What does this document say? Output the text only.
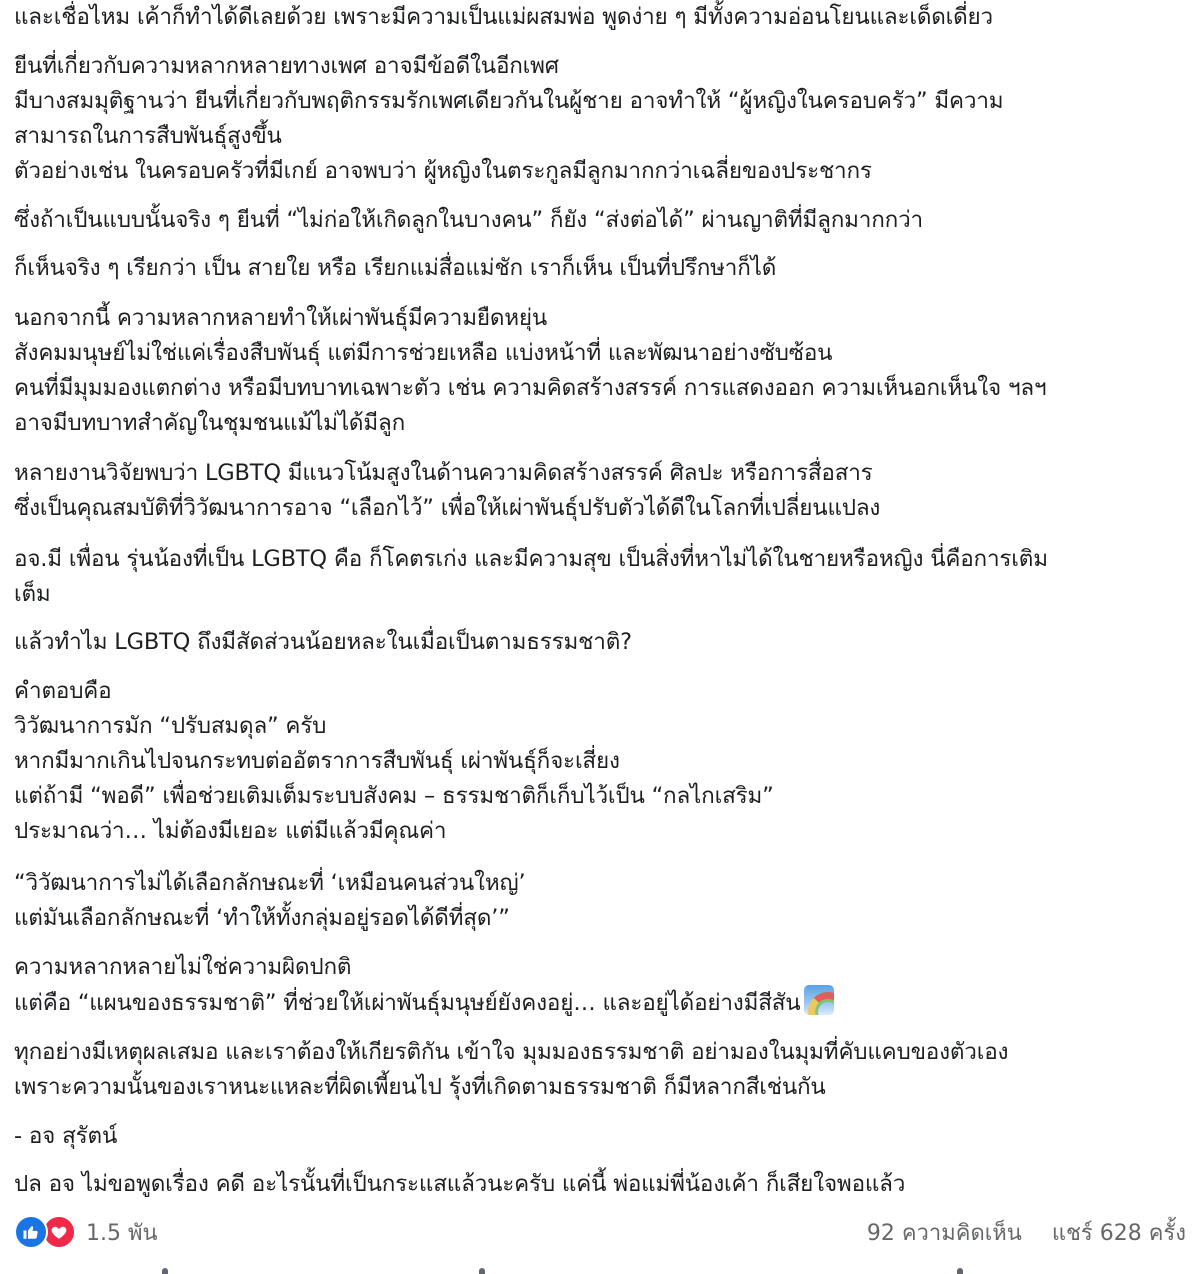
และเชื่อไหม เค้าก็ทำได้ดีเลยด้วย เพราะมีความเป็นแม่ผสมพ่อ พูดง่าย ๆ มีทั้งความอ่อนโยนและเด็ดเดี่ยว
ยีนที่เกี่ยวกับความหลากหลายทางเพศ อาจมีข้อดีในอีกเพศ
มีบางสมมุติฐานว่า ยีนที่เกี่ยวกับพฤติกรรมรักเพศเดียวกันในผู้ชาย อาจทำให้ “ผู้หญิงในครอบครัว” มีความ
สามารถในการสืบพันธุ์สูงขึ้น
ตัวอย่างเช่น ในครอบครัวที่มีเกย์ อาจพบว่า ผู้หญิงในตระกูลมีลูกมากกว่าเฉลี่ยของประชากร
ซึ่งถ้าเป็นแบบนั้นจริง ๆ ยีนที่ “ไม่ก่อให้เกิดลูกในบางคน” ก็ยัง “ส่งต่อได้” ผ่านญาติที่มีลูกมากกว่า
ก็เห็นจริง ๆ เรียกว่า เป็น สายใย หรือ เรียกแม่สื่อแม่ชัก เราก็เห็น เป็นที่ปรึกษาก็ได้
นอกจากนี้ ความหลากหลายทำให้เผ่าพันธุ์มีความยืดหยุ่น
สังคมมนุษย์ไม่ใช่แค่เรื่องสืบพันธุ์ แต่มีการช่วยเหลือ แบ่งหน้าที่ และพัฒนาอย่างซับซ้อน
คนที่มีมุมมองแตกต่าง หรือมีบทบาทเฉพาะตัว เช่น ความคิดสร้างสรรค์ การแสดงออก ความเห็นอกเห็นใจ ฯลฯ
อาจมีบทบาทสำคัญในชุมชนแม้ไม่ได้มีลูก
หลายงานวิจัยพบว่า LGBTQ มีแนวโน้มสูงในด้านความคิดสร้างสรรค์ ศิลปะ หรือการสื่อสาร
ซึ่งเป็นคุณสมบัติที่วิวัฒนาการอาจ “เลือกไว้” เพื่อให้เผ่าพันธุ์ปรับตัวได้ดีในโลกที่เปลี่ยนแปลง
อจ.มี เพื่อน รุ่นน้องที่เป็น LGBTQ คือ ก็โคตรเก่ง และมีความสุข เป็นสิ่งที่หาไม่ได้ในชายหรือหญิง นี่คือการเติม
เต็ม
แล้วทำไม LGBTQ ถึงมีสัดส่วนน้อยหละในเมื่อเป็นตามธรรมชาติ?
คำตอบคือ
วิวัฒนาการมัก “ปรับสมดุล” ครับ
หากมีมากเกินไปจนกระทบต่ออัตราการสืบพันธุ์ เผ่าพันธุ์ก็จะเสี่ยง
แต่ถ้ามี “พอดี” เพื่อช่วยเติมเต็มระบบสังคม – ธรรมชาติก็เก็บไว้เป็น “กลไกเสริม”
ประมาณว่า… ไม่ต้องมีเยอะ แต่มีแล้วมีคุณค่า
“วิวัฒนาการไม่ได้เลือกลักษณะที่ ‘เหมือนคนส่วนใหญ่’
แต่มันเลือกลักษณะที่ ‘ทำให้ทั้งกลุ่มอยู่รอดได้ดีที่สุด’”
ความหลากหลายไม่ใช่ความผิดปกติ
แต่คือ “แผนของธรรมชาติ” ที่ช่วยให้เผ่าพันธุ์มนุษย์ยังคงอยู่… และอยู่ได้อย่างมีสีสัน
ทุกอย่างมีเหตุผลเสมอ และเราต้องให้เกียรติกัน เข้าใจ มุมมองธรรมชาติ อย่ามองในมุมที่คับแคบของตัวเอง
เพราะความนั้นของเราหนะแหละที่ผิดเพี้ยนไป รุ้งที่เกิดตามธรรมชาติ ก็มีหลากสีเช่นกัน
- อจ สุรัตน์
ปล อจ ไม่ขอพูดเรื่อง คดี อะไรนั้นที่เป็นกระแสแล้วนะครับ แค่นี้ พ่อแม่พี่น้องเค้า ก็เสียใจพอแล้ว
1.5 พัน	92 ความคิดเห็น แชร์ 628 ครั้ง
